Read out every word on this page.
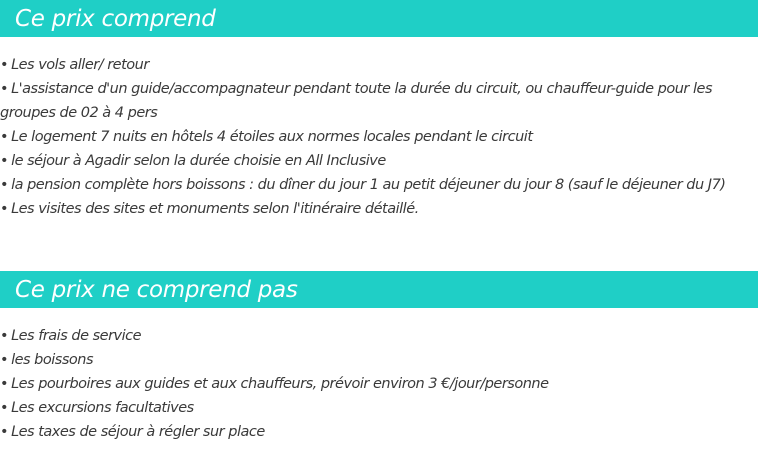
Ce prix comprend
• Les vols aller/ retour
• L'assistance d'un guide/accompagnateur pendant toute la durée du circuit, ou chauffeur-guide pour les groupes de 02 à 4 pers
• Le logement 7 nuits en hôtels 4 étoiles aux normes locales pendant le circuit
• le séjour à Agadir selon la durée choisie en All Inclusive
• la pension complète hors boissons : du dîner du jour 1 au petit déjeuner du jour 8 (sauf le déjeuner du J7)
• Les visites des sites et monuments selon l'itinéraire détaillé.
Ce prix ne comprend pas
• Les frais de service
• les boissons
• Les pourboires aux guides et aux chauffeurs, prévoir environ 3 €/jour/personne
• Les excursions facultatives
• Les taxes de séjour à régler sur place
